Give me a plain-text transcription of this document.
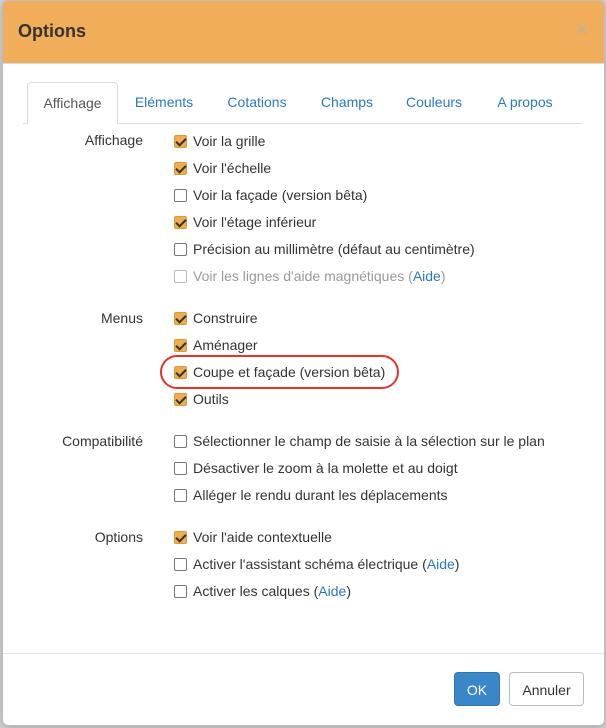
Options	×
Affichage	Eléments	Cotations	Champs	Couleurs	A propos
Affichage	Voir la grille
Voir l'échelle
Voir la façade (version bêta)
Voir l'étage inférieur
Précision au millimètre (défaut au centimètre)
Voir les lignes d'aide magnétiques ( Aide )
Menus	Construire
Aménager
Coupe et façade (version bêta)
Outils
Compatibilité	Sélectionner le champ de saisie à la sélection sur le plan
Désactiver le zoom à la molette et au doigt
Alléger le rendu durant les déplacements
Options	Voir l'aide contextuelle
Activer l'assistant schéma électrique ( Aide )
Activer les calques ( Aide )
OK	Annuler
